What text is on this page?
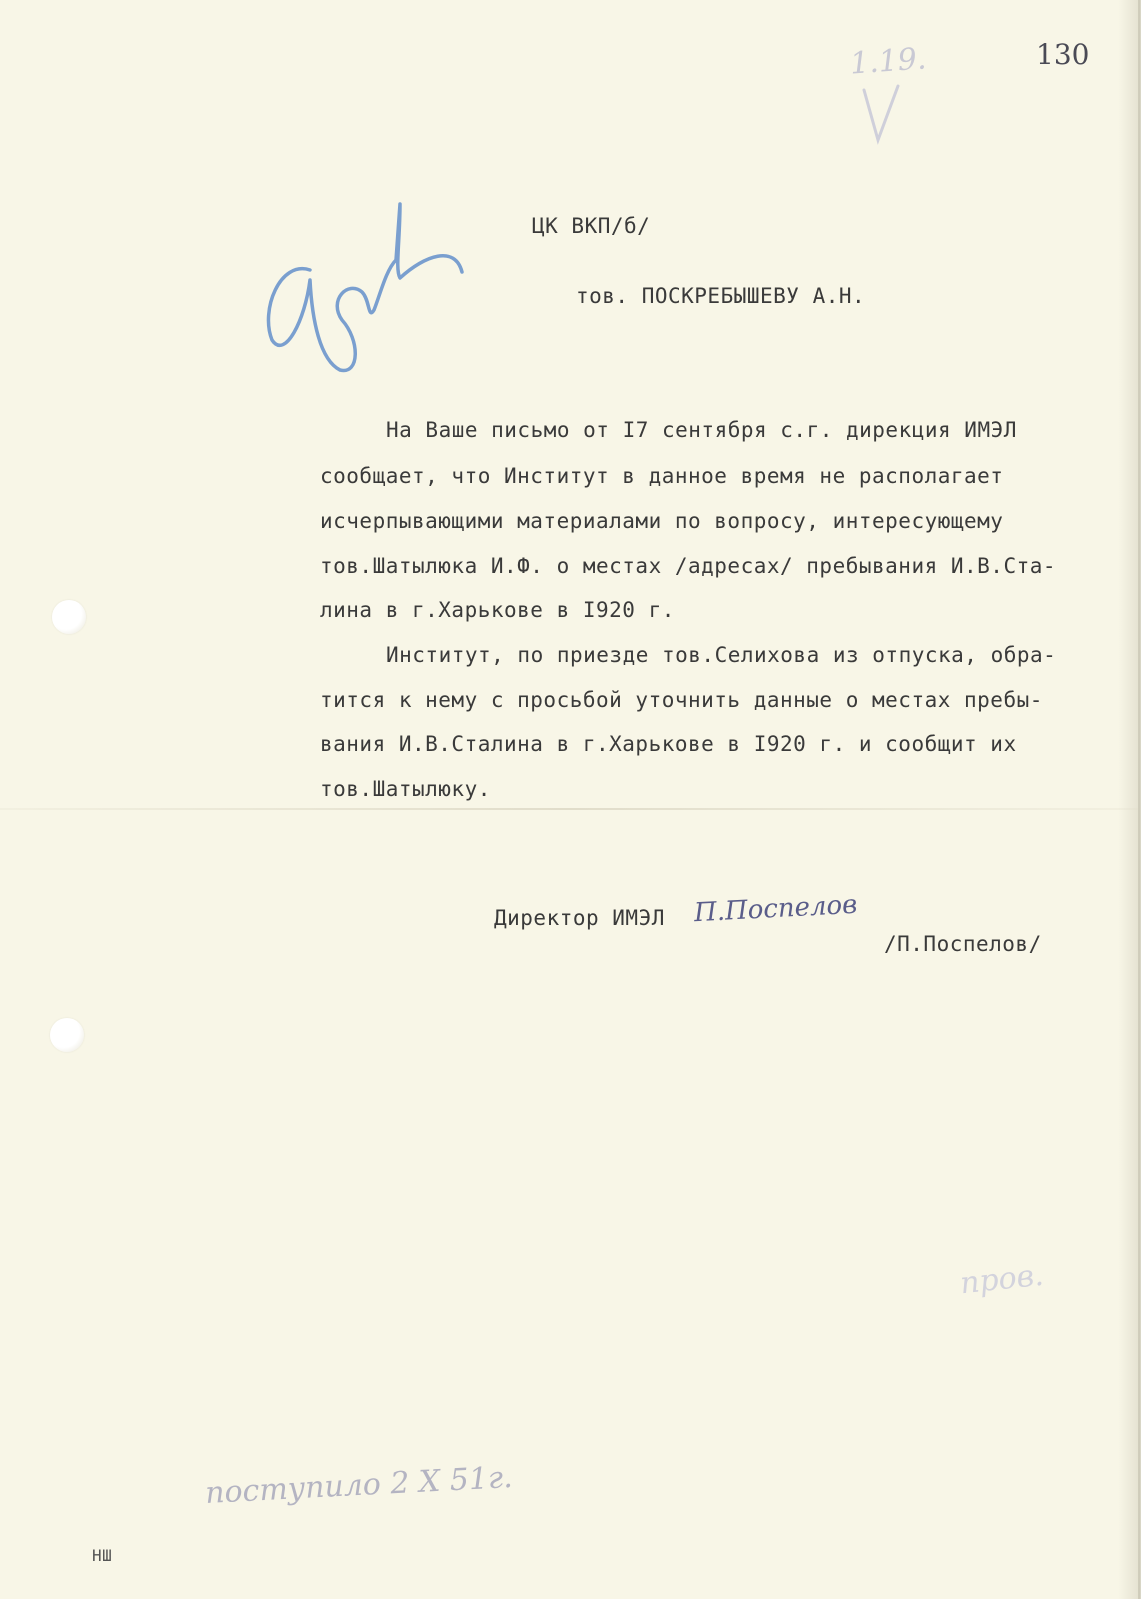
130
1.19.
пров.
ЦК ВКП/б/
тов. ПОСКРЕБЫШЕВУ А.Н.
На Ваше письмо от I7 сентября с.г. дирекция ИМЭЛ
сообщает, что Институт в данное время не располагает
исчерпывающими материалами по вопросу, интересующему
тов.Шатылюка И.Ф. о местах /адресах/ пребывания И.В.Ста-
лина в г.Харькове в I920 г.
Институт, по приезде тов.Селихова из отпуска, обра-
тится к нему с просьбой уточнить данные о местах пребы-
вания И.В.Сталина в г.Харькове в I920 г. и сообщит их
тов.Шатылюку.
Директор ИМЭЛ П.Поспелов
/П.Поспелов/
поступило 2 X 51г.
НШ
